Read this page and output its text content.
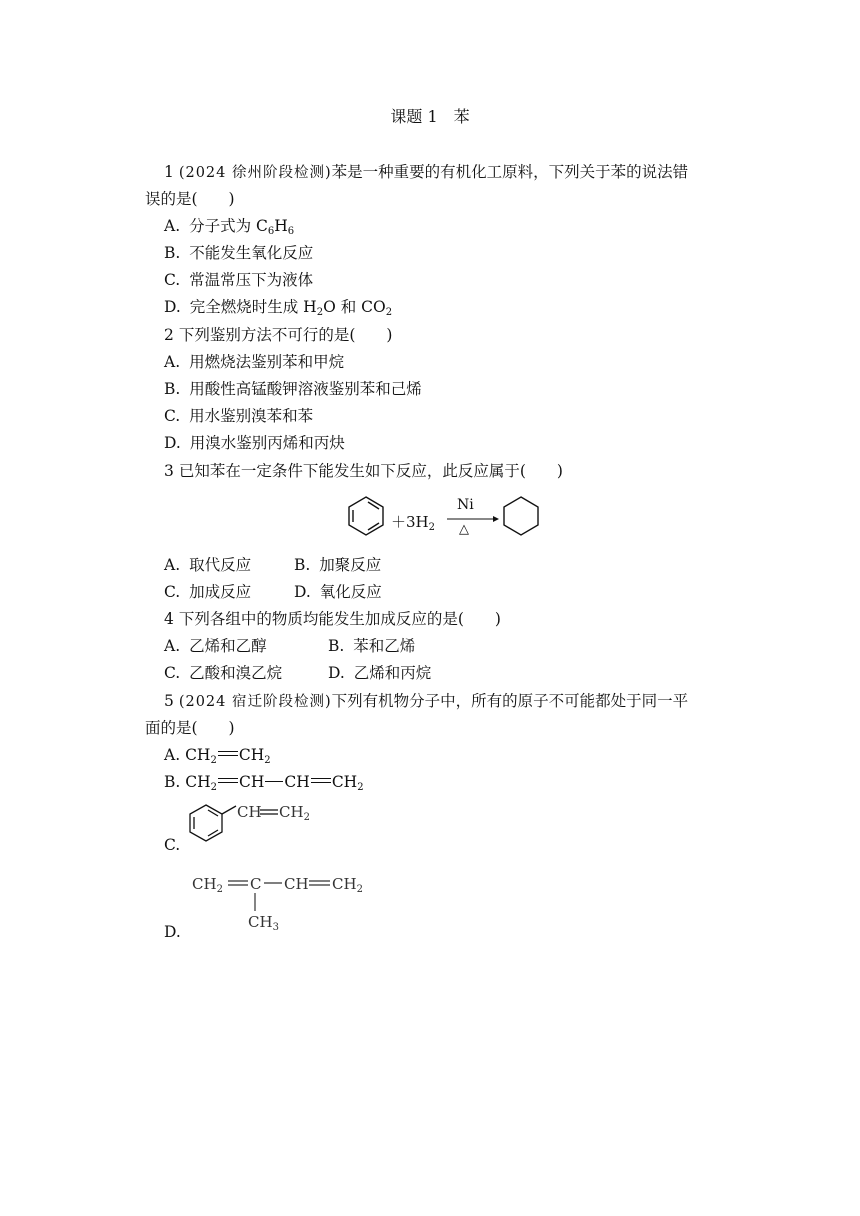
课题 1　苯
1 (2024 徐州阶段检测)苯是一种重要的有机化工原料，下列关于苯的说法错
误的是(　　)
A. 分子式为 $C_6H_6$
B. 不能发生氧化反应
C. 常温常压下为液体
D. 完全燃烧时生成 $H_2O$ 和 $CO_2$
2 下列鉴别方法不可行的是(　　)
A. 用燃烧法鉴别苯和甲烷
B. 用酸性高锰酸钾溶液鉴别苯和己烯
C. 用水鉴别溴苯和苯
D. 用溴水鉴别丙烯和丙炔
3 已知苯在一定条件下能发生如下反应，此反应属于(　　)
$+3H_2$
Ni
△
A. 取代反应	B. 加聚反应
C. 加成反应	D. 氧化反应
4 下列各组中的物质均能发生加成反应的是(　　)
A. 乙烯和乙醇	B. 苯和乙烯
C. 乙酸和溴乙烷	D. 乙烯和丙烷
5 (2024 宿迁阶段检测)下列有机物分子中，所有的原子不可能都处于同一平
面的是(　　)
A. $CH_2$ $CH_2$
B. $CH_2$ CH CH $CH_2$
C.
CH $CH_2$
D.
$CH_2$ C CH $CH_2$
$CH_3$
